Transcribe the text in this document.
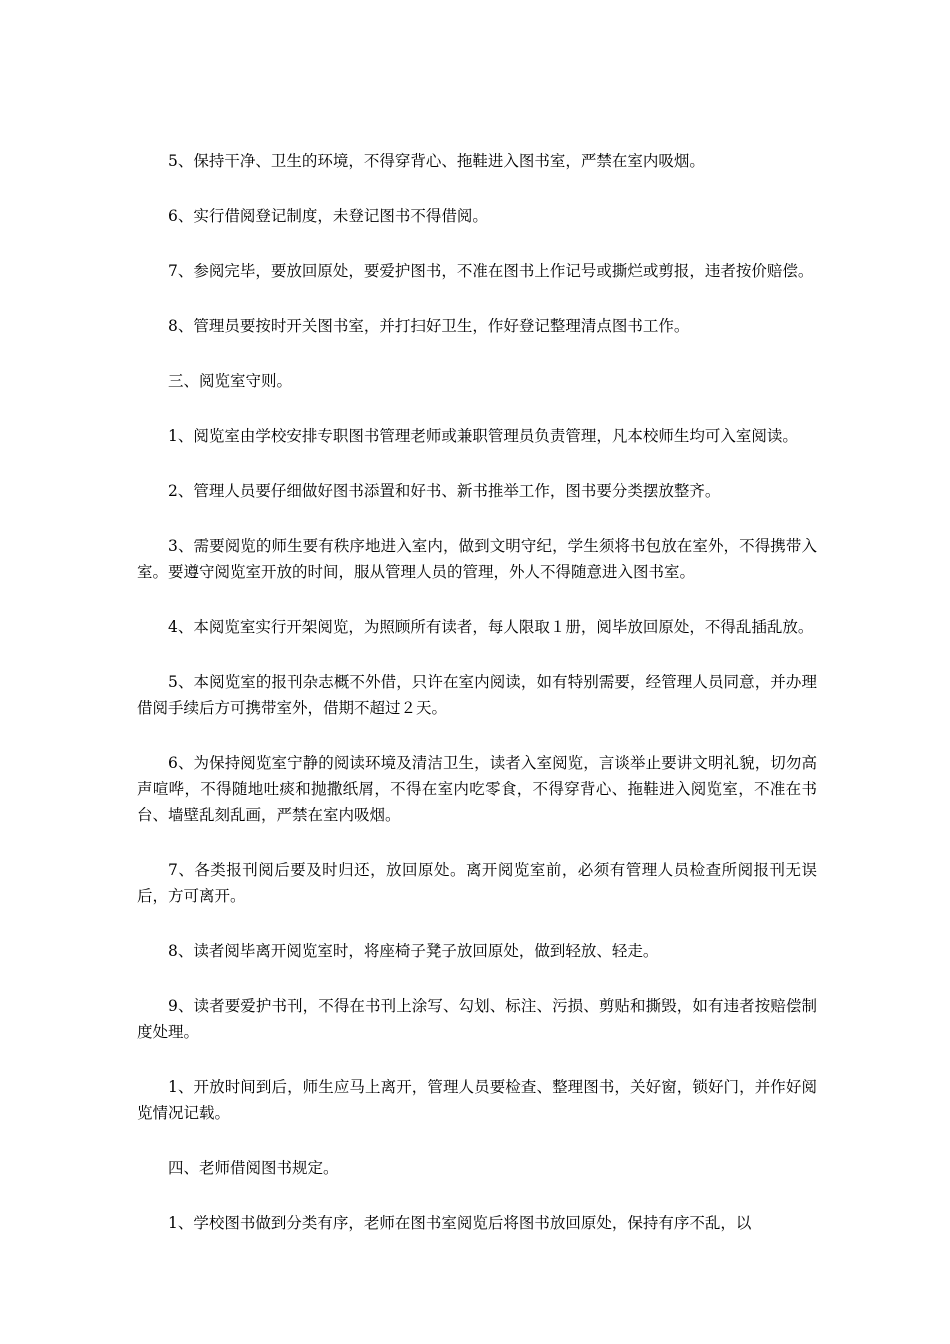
5、保持干净、卫生的环境，不得穿背心、拖鞋进入图书室，严禁在室内吸烟。

6、实行借阅登记制度，未登记图书不得借阅。

7、参阅完毕，要放回原处，要爱护图书，不准在图书上作记号或撕烂或剪报，违者按价赔偿。

8、管理员要按时开关图书室，并打扫好卫生，作好登记整理清点图书工作。

三、阅览室守则。

1、阅览室由学校安排专职图书管理老师或兼职管理员负责管理，凡本校师生均可入室阅读。

2、管理人员要仔细做好图书添置和好书、新书推举工作，图书要分类摆放整齐。

3、需要阅览的师生要有秩序地进入室内，做到文明守纪，学生须将书包放在室外，不得携带入室。要遵守阅览室开放的时间，服从管理人员的管理，外人不得随意进入图书室。

4、本阅览室实行开架阅览，为照顾所有读者，每人限取１册，阅毕放回原处，不得乱插乱放。

5、本阅览室的报刊杂志概不外借，只许在室内阅读，如有特别需要，经管理人员同意，并办理借阅手续后方可携带室外，借期不超过２天。

6、为保持阅览室宁静的阅读环境及清洁卫生，读者入室阅览，言谈举止要讲文明礼貌，切勿高声喧哗，不得随地吐痰和抛撒纸屑，不得在室内吃零食，不得穿背心、拖鞋进入阅览室，不准在书台、墙壁乱刻乱画，严禁在室内吸烟。

7、各类报刊阅后要及时归还，放回原处。离开阅览室前，必须有管理人员检查所阅报刊无误后，方可离开。

8、读者阅毕离开阅览室时，将座椅子凳子放回原处，做到轻放、轻走。

9、读者要爱护书刊，不得在书刊上涂写、勾划、标注、污损、剪贴和撕毁，如有违者按赔偿制度处理。

1、开放时间到后，师生应马上离开，管理人员要检查、整理图书，关好窗，锁好门，并作好阅览情况记载。

四、老师借阅图书规定。

1、学校图书做到分类有序，老师在图书室阅览后将图书放回原处，保持有序不乱，以
